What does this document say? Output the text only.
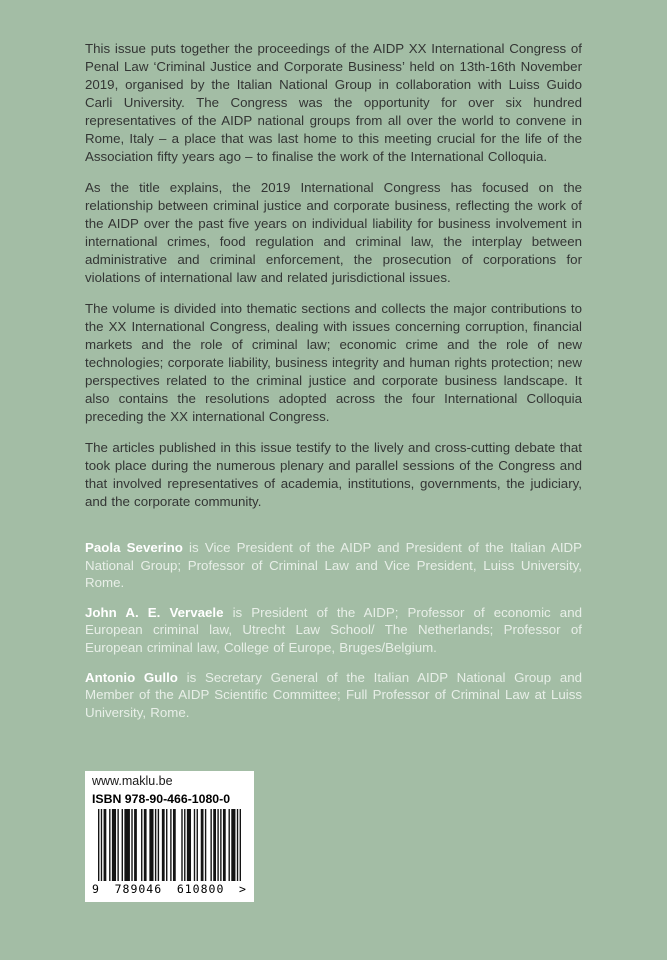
This issue puts together the proceedings of the AIDP XX International Congress of Penal Law ‘Criminal Justice and Corporate Business’ held on 13th-16th November 2019, organised by the Italian National Group in collaboration with Luiss Guido Carli University. The Congress was the opportunity for over six hundred representatives of the AIDP national groups from all over the world to convene in Rome, Italy – a place that was last home to this meeting crucial for the life of the Association fifty years ago – to finalise the work of the International Colloquia.

As the title explains, the 2019 International Congress has focused on the relationship between criminal justice and corporate business, reflecting the work of the AIDP over the past five years on individual liability for business involvement in international crimes, food regulation and criminal law, the interplay between administrative and criminal enforcement, the prosecution of corporations for violations of international law and related jurisdictional issues.

The volume is divided into thematic sections and collects the major contributions to the XX International Congress, dealing with issues concerning corruption, financial markets and the role of criminal law; economic crime and the role of new technologies; corporate liability, business integrity and human rights protection; new perspectives related to the criminal justice and corporate business landscape. It also contains the resolutions adopted across the four International Colloquia preceding the XX international Congress.

The articles published in this issue testify to the lively and cross-cutting debate that took place during the numerous plenary and parallel sessions of the Congress and that involved representatives of academia, institutions, governments, the judiciary, and the corporate community.

Paola Severino is Vice President of the AIDP and President of the Italian AIDP National Group; Professor of Criminal Law and Vice President, Luiss University, Rome.

John A. E. Vervaele is President of the AIDP; Professor of economic and European criminal law, Utrecht Law School/ The Netherlands; Professor of European criminal law, College of Europe, Bruges/Belgium.

Antonio Gullo is Secretary General of the Italian AIDP National Group and Member of the AIDP Scientific Committee; Full Professor of Criminal Law at Luiss University, Rome.

www.maklu.be
ISBN 978-90-466-1080-0
9 789046 610800 >
